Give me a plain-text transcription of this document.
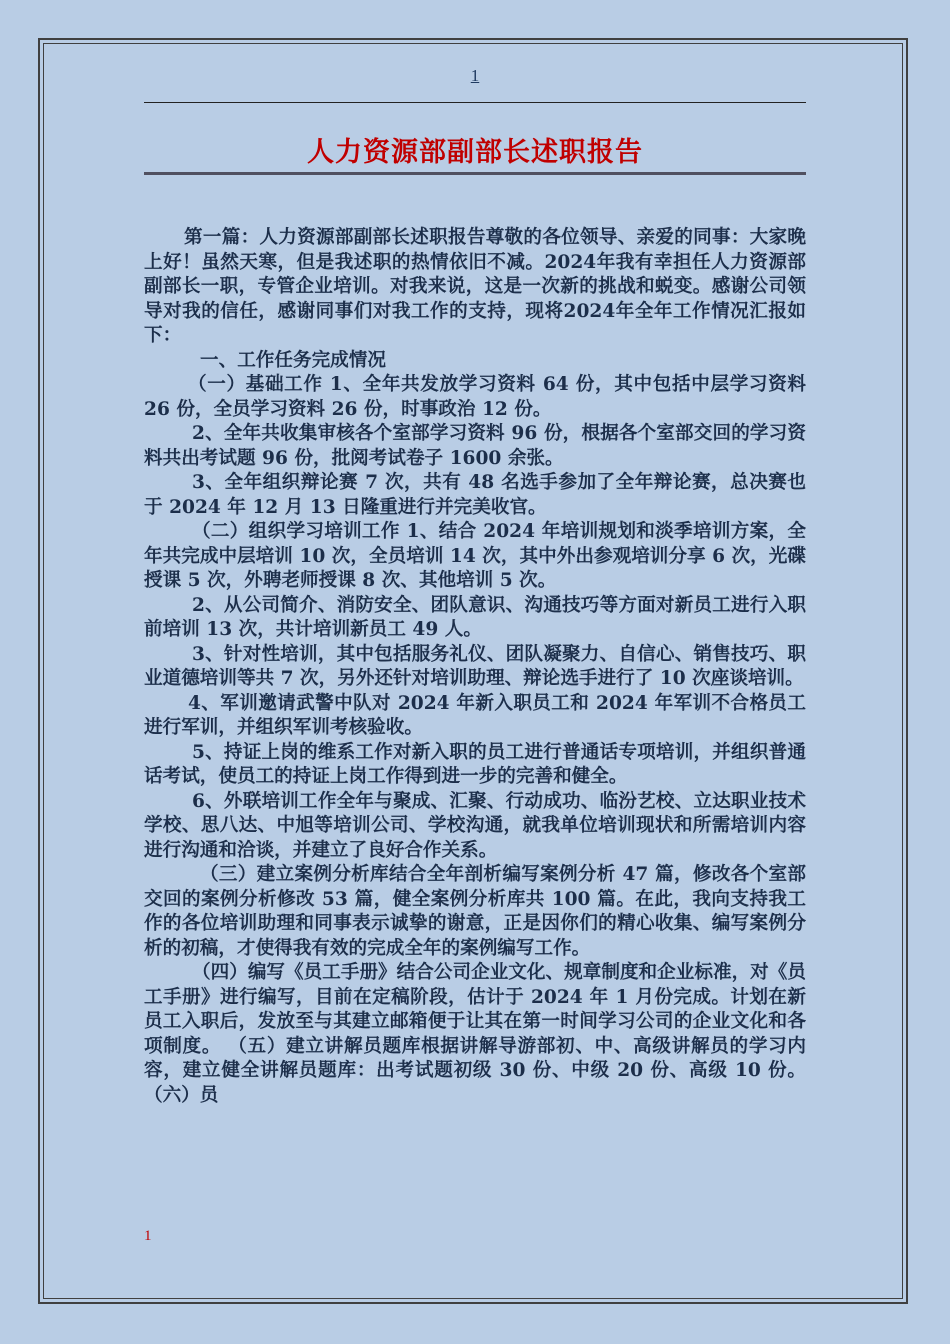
1
人力资源部副部长述职报告

第一篇：人力资源部副部长述职报告尊敬的各位领导、亲爱的同事：大家晚上好！虽然天寒，但是我述职的热情依旧不减。2024年我有幸担任人力资源部副部长一职，专管企业培训。对我来说，这是一次新的挑战和蜕变。感谢公司领导对我的信任，感谢同事们对我工作的支持，现将2024年全年工作情况汇报如下：

一、工作任务完成情况

（一）基础工作 1、全年共发放学习资料 64 份，其中包括中层学习资料 26 份，全员学习资料 26 份，时事政治 12 份。

2、全年共收集审核各个室部学习资料 96 份，根据各个室部交回的学习资料共出考试题 96 份，批阅考试卷子 1600 余张。

3、全年组织辩论赛 7 次，共有 48 名选手参加了全年辩论赛，总决赛也于 2024 年 12 月 13 日隆重进行并完美收官。

（二）组织学习培训工作 1、结合 2024 年培训规划和淡季培训方案，全年共完成中层培训 10 次，全员培训 14 次，其中外出参观培训分享 6 次，光碟授课 5 次，外聘老师授课 8 次、其他培训 5 次。

2、从公司简介、消防安全、团队意识、沟通技巧等方面对新员工进行入职前培训 13 次，共计培训新员工 49 人。

3、针对性培训，其中包括服务礼仪、团队凝聚力、自信心、销售技巧、职业道德培训等共 7 次，另外还针对培训助理、辩论选手进行了 10 次座谈培训。

4、军训邀请武警中队对 2024 年新入职员工和 2024 年军训不合格员工进行军训，并组织军训考核验收。

5、持证上岗的维系工作对新入职的员工进行普通话专项培训，并组织普通话考试，使员工的持证上岗工作得到进一步的完善和健全。

6、外联培训工作全年与聚成、汇聚、行动成功、临汾艺校、立达职业技术学校、思八达、中旭等培训公司、学校沟通，就我单位培训现状和所需培训内容进行沟通和洽谈，并建立了良好合作关系。

（三）建立案例分析库结合全年剖析编写案例分析 47 篇，修改各个室部交回的案例分析修改 53 篇，健全案例分析库共 100 篇。在此，我向支持我工作的各位培训助理和同事表示诚挚的谢意，正是因你们的精心收集、编写案例分析的初稿，才使得我有效的完成全年的案例编写工作。

（四）编写《员工手册》结合公司企业文化、规章制度和企业标准，对《员工手册》进行编写，目前在定稿阶段，估计于 2024 年 1 月份完成。计划在新员工入职后，发放至与其建立邮箱便于让其在第一时间学习公司的企业文化和各项制度。 （五）建立讲解员题库根据讲解导游部初、中、高级讲解员的学习内容，建立健全讲解员题库：出考试题初级 30 份、中级 20 份、高级 10 份。 （六）员

1
